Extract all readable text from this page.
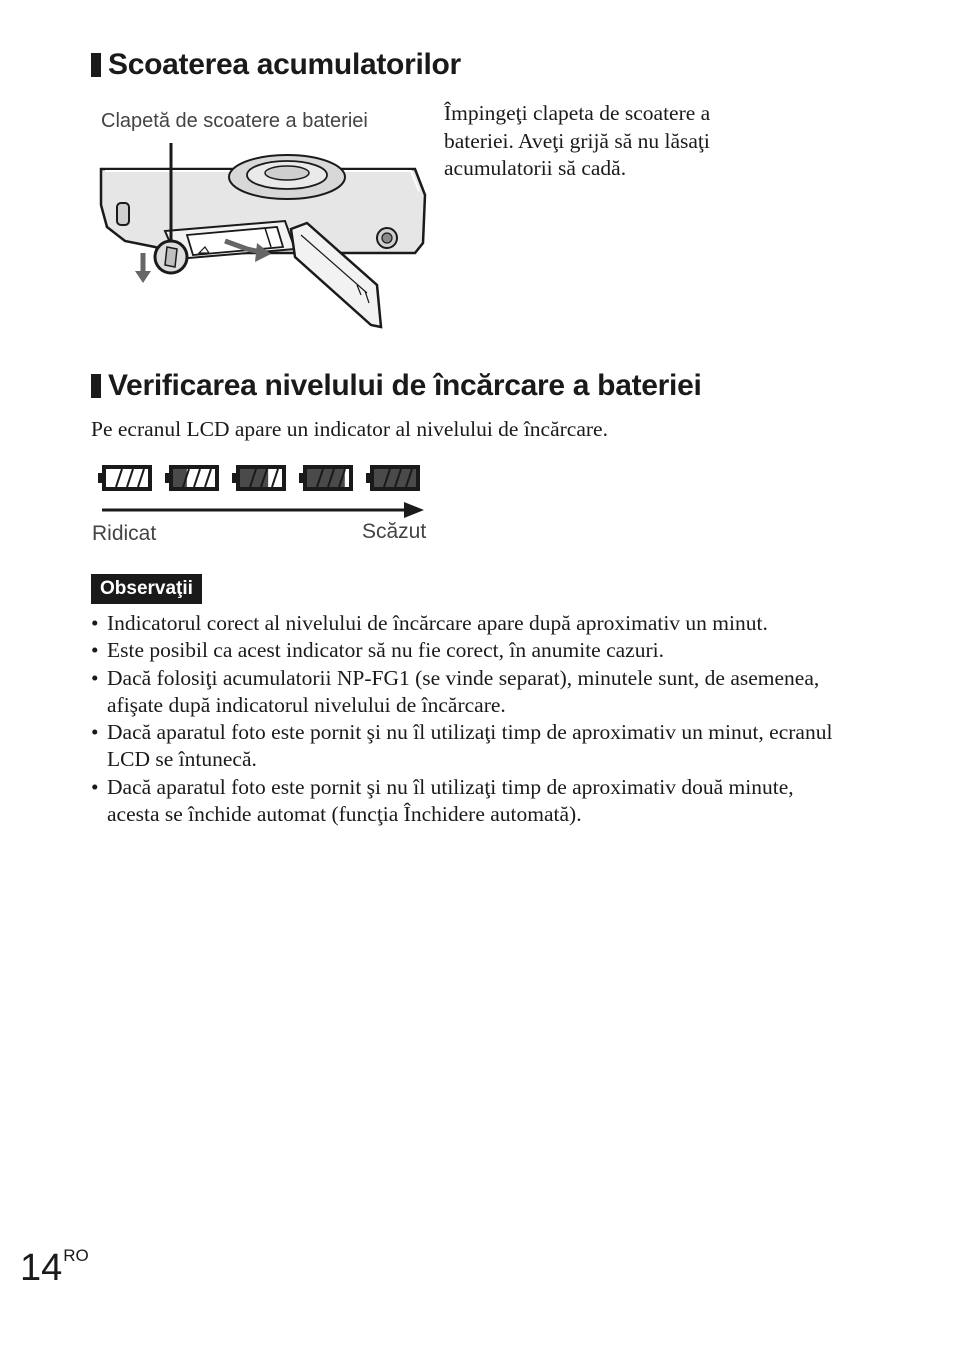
Scoaterea acumulatorilor
Clapetă de scoatere a bateriei	Împingeţi clapeta de scoatere a bateriei. Aveţi grijă să nu lăsaţi acumulatorii să cadă.
Verificarea nivelului de încărcare a bateriei
Pe ecranul LCD apare un indicator al nivelului de încărcare.
Ridicat	Scăzut
Observaţii
• Indicatorul corect al nivelului de încărcare apare după aproximativ un minut.
• Este posibil ca acest indicator să nu fie corect, în anumite cazuri.
• Dacă folosiţi acumulatorii NP-FG1 (se vinde separat), minutele sunt, de asemenea, afişate după indicatorul nivelului de încărcare.
• Dacă aparatul foto este pornit şi nu îl utilizaţi timp de aproximativ un minut, ecranul LCD se întunecă.
• Dacă aparatul foto este pornit şi nu îl utilizaţi timp de aproximativ două minute, acesta se închide automat (funcţia Închidere automată).
$14^{RO}$
